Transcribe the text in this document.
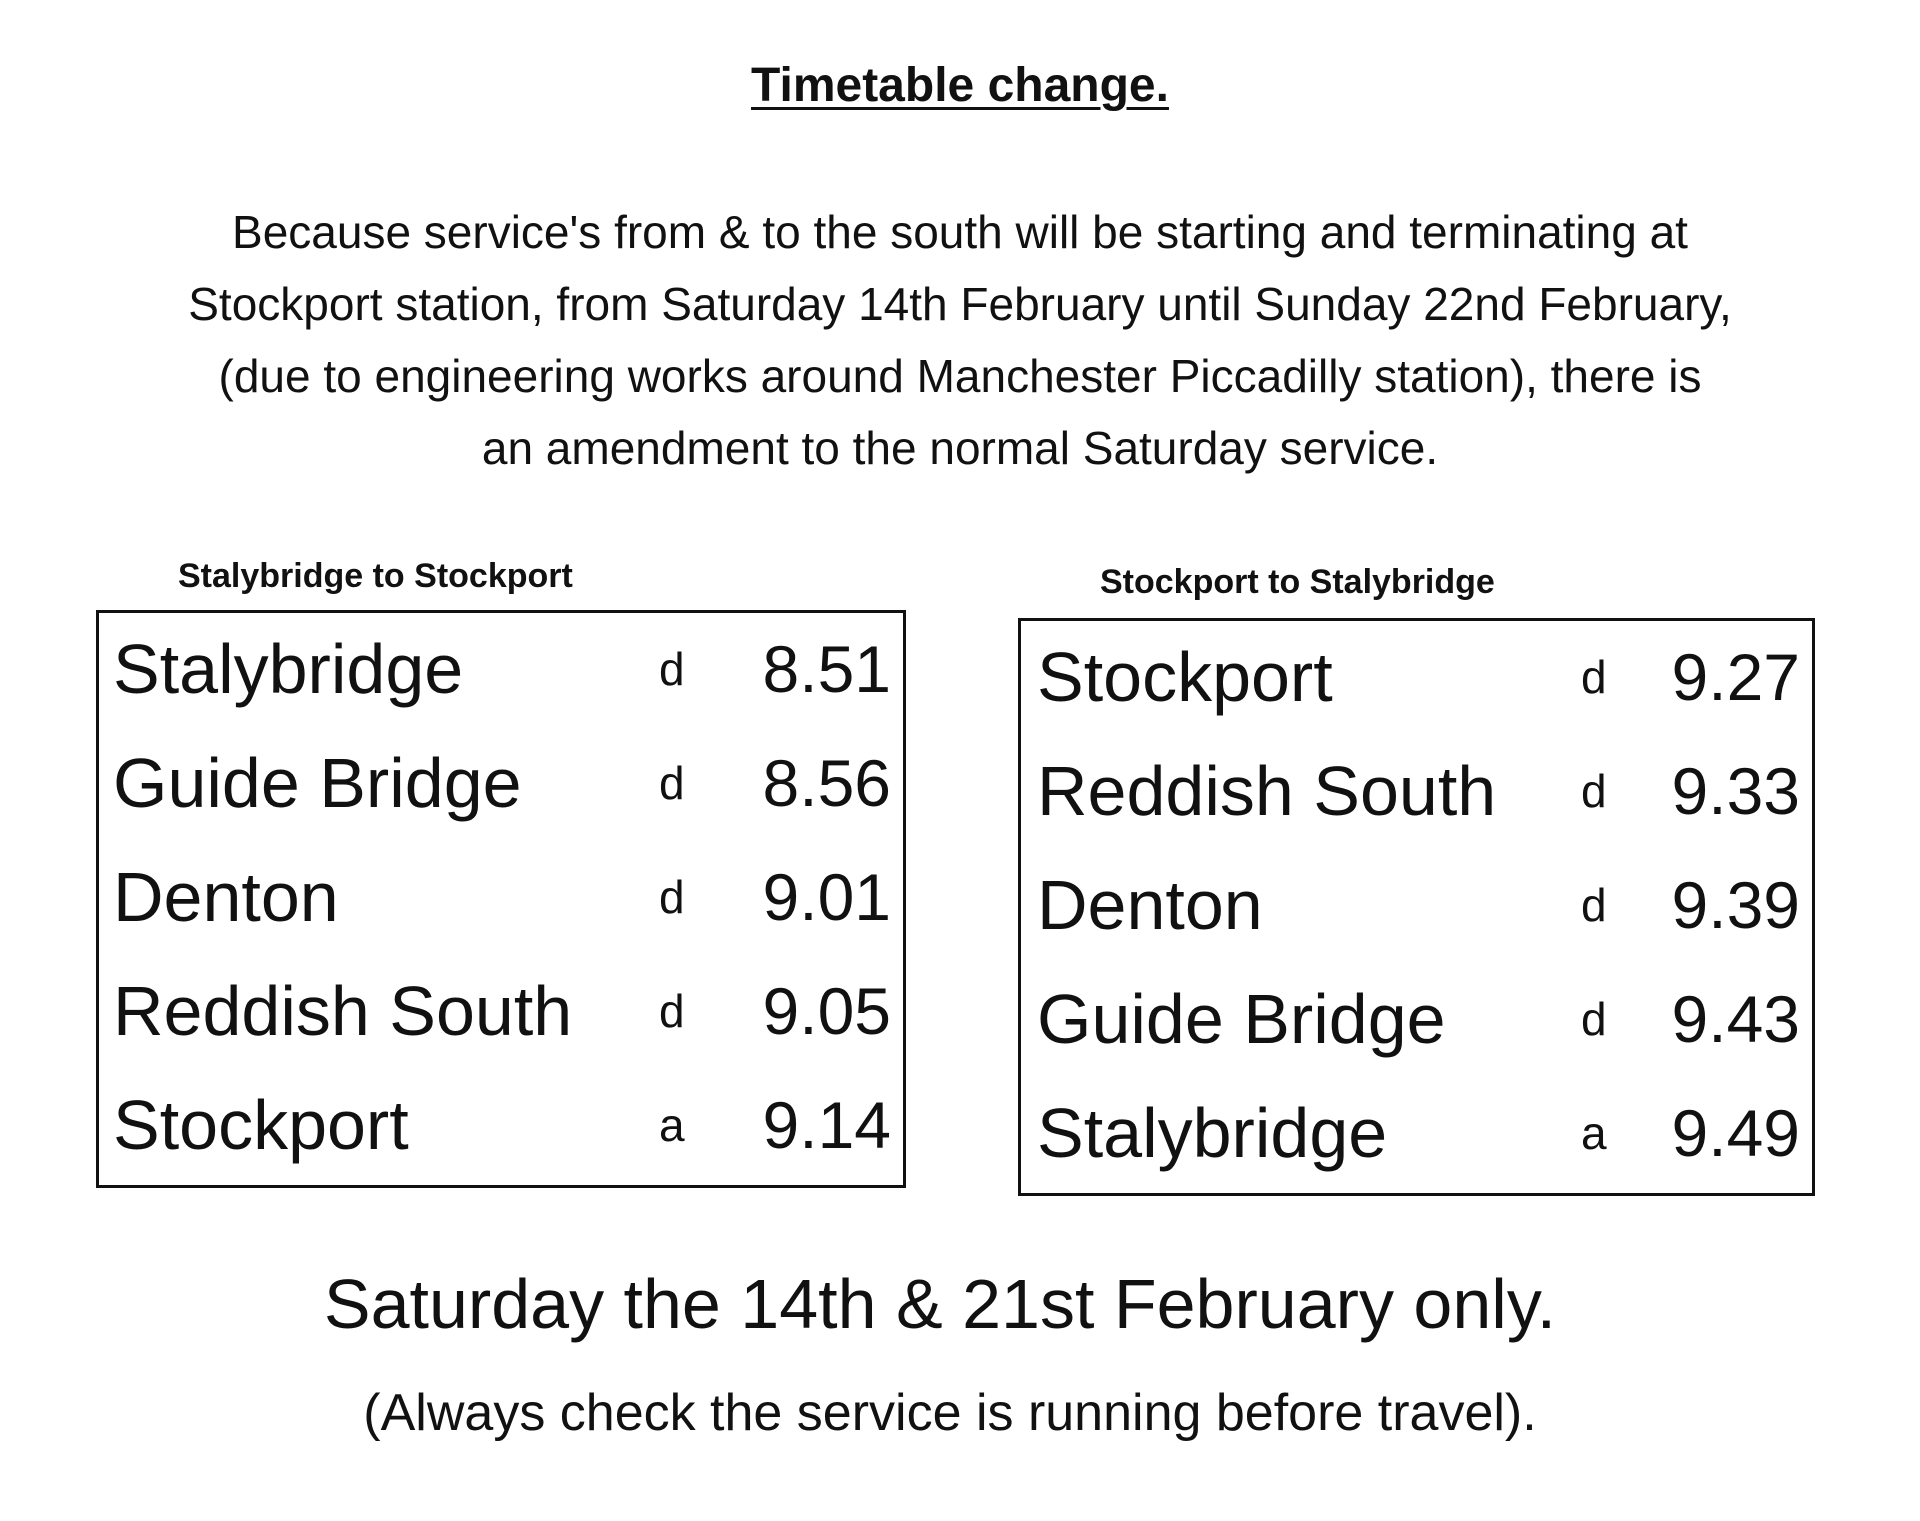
Timetable change.
Because service's from & to the south will be starting and terminating at
Stockport station, from Saturday 14th February until Sunday 22nd February,
(due to engineering works around Manchester Piccadilly station), there is
an amendment to the normal Saturday service.
Stalybridge to Stockport
Stalybridge	d 8.51
Guide Bridge	d 8.56
Denton	d 9.01
Reddish South d 9.05
Stockport	a 9.14
Stockport to Stalybridge
Stockport	d 9.27
Reddish South d 9.33
Denton	d 9.39
Guide Bridge	d 9.43
Stalybridge	a 9.49
Saturday the 14th & 21st February only.
(Always check the service is running before travel).
